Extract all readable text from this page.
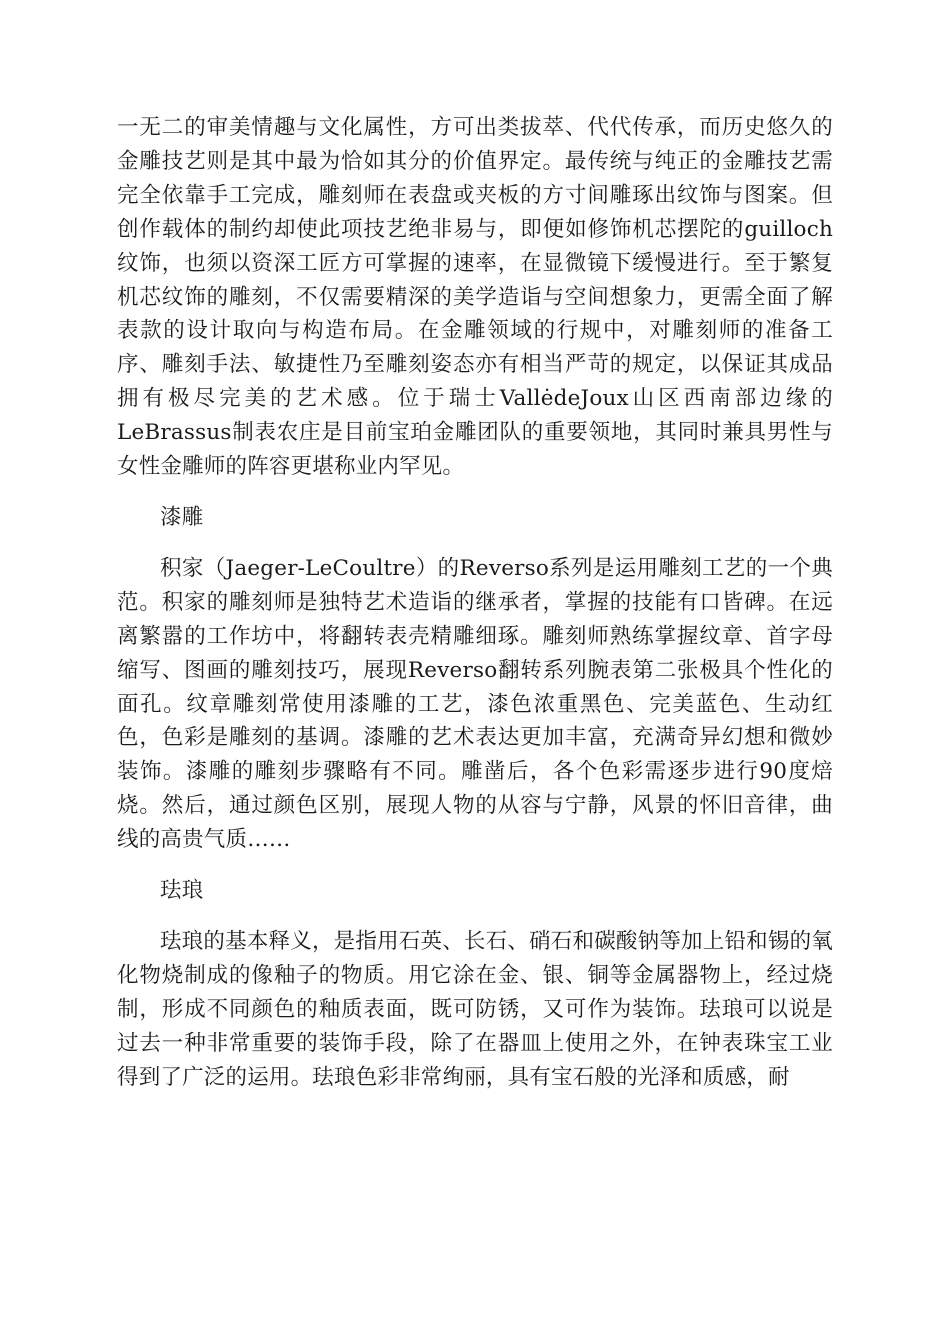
一无二的审美情趣与文化属性，方可出类拔萃、代代传承，而历史悠久的金雕技艺则是其中最为恰如其分的价值界定。最传统与纯正的金雕技艺需完全依靠手工完成，雕刻师在表盘或夹板的方寸间雕琢出纹饰与图案。但创作载体的制约却使此项技艺绝非易与，即便如修饰机芯摆陀的guilloch纹饰，也须以资深工匠方可掌握的速率，在显微镜下缓慢进行。至于繁复机芯纹饰的雕刻，不仅需要精深的美学造诣与空间想象力，更需全面了解表款的设计取向与构造布局。在金雕领域的行规中，对雕刻师的准备工序、雕刻手法、敏捷性乃至雕刻姿态亦有相当严苛的规定，以保证其成品拥有极尽完美的艺术感。位于瑞士VallėdeJoux山区西南部边缘的LeBrassus制表农庄是目前宝珀金雕团队的重要领地，其同时兼具男性与女性金雕师的阵容更堪称业内罕见。

漆雕

积家（Jaeger-LeCoultre）的Reverso系列是运用雕刻工艺的一个典范。积家的雕刻师是独特艺术造诣的继承者，掌握的技能有口皆碑。在远离繁嚣的工作坊中，将翻转表壳精雕细琢。雕刻师熟练掌握纹章、首字母缩写、图画的雕刻技巧，展现Reverso翻转系列腕表第二张极具个性化的面孔。纹章雕刻常使用漆雕的工艺，漆色浓重黑色、完美蓝色、生动红色，色彩是雕刻的基调。漆雕的艺术表达更加丰富，充满奇异幻想和微妙装饰。漆雕的雕刻步骤略有不同。雕凿后，各个色彩需逐步进行90度焙烧。然后，通过颜色区别，展现人物的从容与宁静，风景的怀旧音律，曲线的高贵气质……

珐琅

珐琅的基本释义，是指用石英、长石、硝石和碳酸钠等加上铅和锡的氧化物烧制成的像釉子的物质。用它涂在金、银、铜等金属器物上，经过烧制，形成不同颜色的釉质表面，既可防锈，又可作为装饰。珐琅可以说是过去一种非常重要的装饰手段，除了在器皿上使用之外，在钟表珠宝工业得到了广泛的运用。珐琅色彩非常绚丽，具有宝石般的光泽和质感，耐
